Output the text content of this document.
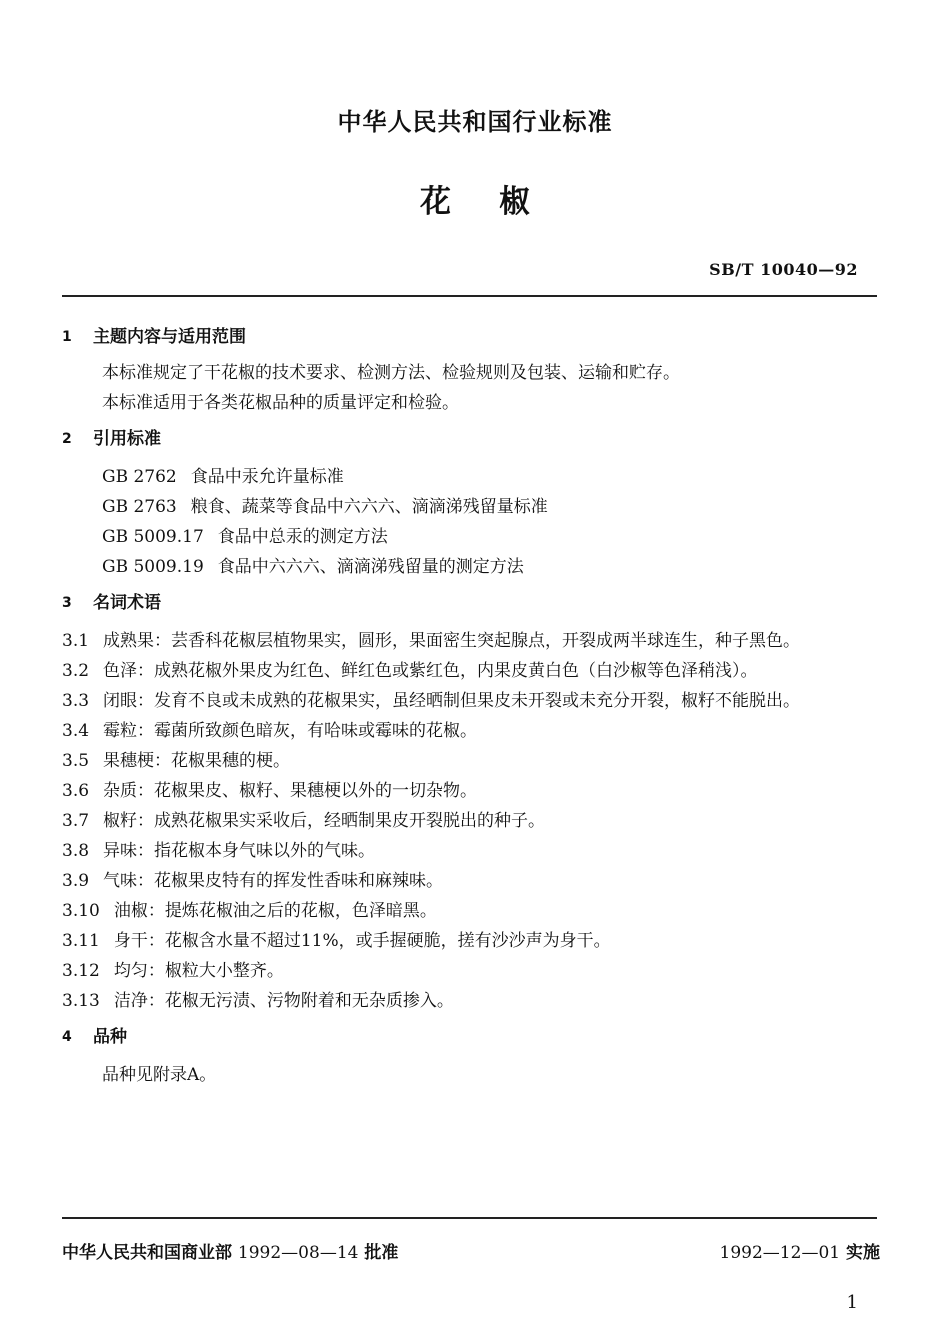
中华人民共和国行业标准
花椒
SB/T 10040—92
1	主题内容与适用范围
本标准规定了干花椒的技术要求、检测方法、检验规则及包装、运输和贮存。
本标准适用于各类花椒品种的质量评定和检验。
2	引用标准
GB 2762 食品中汞允许量标准
GB 2763 粮食、蔬菜等食品中六六六、滴滴涕残留量标准
GB 5009.17 食品中总汞的测定方法
GB 5009.19 食品中六六六、滴滴涕残留量的测定方法
3	名词术语
3.1 成熟果：芸香科花椒层植物果实，圆形，果面密生突起腺点，开裂成两半球连生，种子黑色。
3.2 色泽：成熟花椒外果皮为红色、鲜红色或紫红色，内果皮黄白色（白沙椒等色泽稍浅）。
3.3 闭眼：发育不良或未成熟的花椒果实，虽经晒制但果皮未开裂或未充分开裂，椒籽不能脱出。
3.4 霉粒：霉菌所致颜色暗灰，有哈味或霉味的花椒。
3.5 果穗梗：花椒果穗的梗。
3.6 杂质：花椒果皮、椒籽、果穗梗以外的一切杂物。
3.7 椒籽：成熟花椒果实采收后，经晒制果皮开裂脱出的种子。
3.8 异味：指花椒本身气味以外的气味。
3.9 气味：花椒果皮特有的挥发性香味和麻辣味。
3.10 油椒：提炼花椒油之后的花椒，色泽暗黑。
3.11 身干：花椒含水量不超过11%，或手握硬脆，搓有沙沙声为身干。
3.12 均匀：椒粒大小整齐。
3.13 洁净：花椒无污渍、污物附着和无杂质掺入。
4	品种
品种见附录A。
中华人民共和国商业部 1992—08—14 批准	1992—12—01 实施
1
